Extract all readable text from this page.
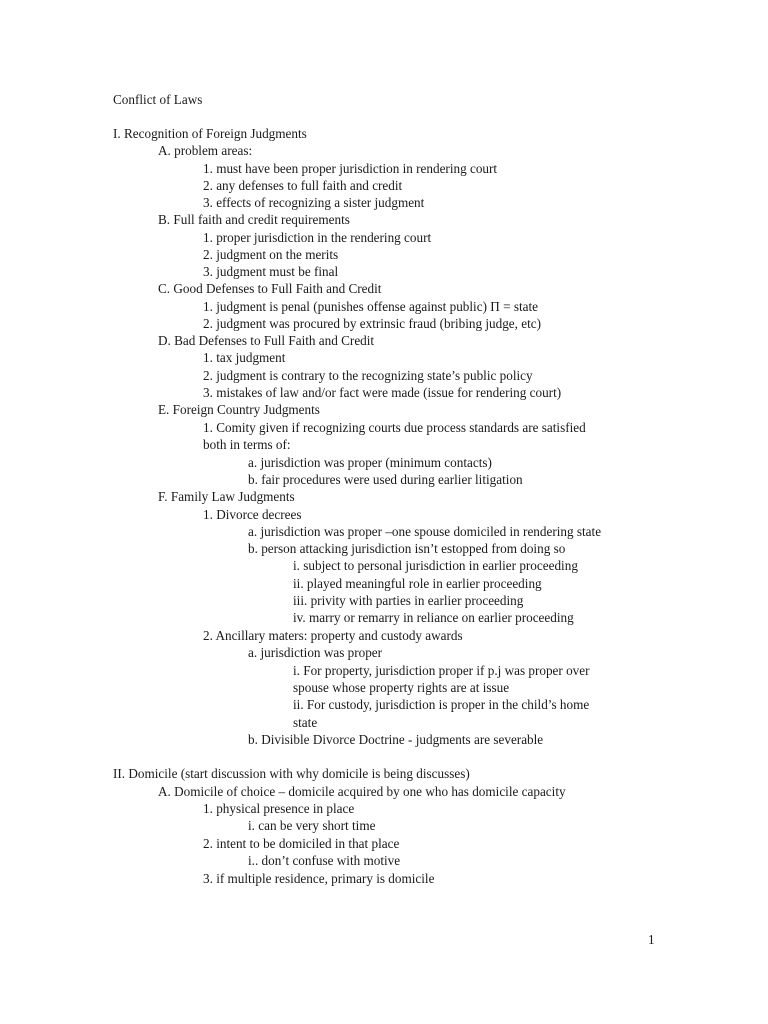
Conflict of Laws
I. Recognition of Foreign Judgments
A. problem areas:
1. must have been proper jurisdiction in rendering court
2. any defenses to full faith and credit
3. effects of recognizing a sister judgment
B. Full faith and credit requirements
1. proper jurisdiction in the rendering court
2. judgment on the merits
3. judgment must be final
C. Good Defenses to Full Faith and Credit
1. judgment is penal (punishes offense against public) Π = state
2. judgment was procured by extrinsic fraud (bribing judge, etc)
D. Bad Defenses to Full Faith and Credit
1. tax judgment
2. judgment is contrary to the recognizing state’s public policy
3. mistakes of law and/or fact were made (issue for rendering court)
E. Foreign Country Judgments
1. Comity given if recognizing courts due process standards are satisfied
both in terms of:
a. jurisdiction was proper (minimum contacts)
b. fair procedures were used during earlier litigation
F. Family Law Judgments
1. Divorce decrees
a. jurisdiction was proper –one spouse domiciled in rendering state
b. person attacking jurisdiction isn’t estopped from doing so
i. subject to personal jurisdiction in earlier proceeding
ii. played meaningful role in earlier proceeding
iii. privity with parties in earlier proceeding
iv. marry or remarry in reliance on earlier proceeding
2. Ancillary maters: property and custody awards
a. jurisdiction was proper
i. For property, jurisdiction proper if p.j was proper over
spouse whose property rights are at issue
ii. For custody, jurisdiction is proper in the child’s home
state
b. Divisible Divorce Doctrine - judgments are severable
II. Domicile (start discussion with why domicile is being discusses)
A. Domicile of choice – domicile acquired by one who has domicile capacity
1. physical presence in place
i. can be very short time
2. intent to be domiciled in that place
i.. don’t confuse with motive
3. if multiple residence, primary is domicile
1
